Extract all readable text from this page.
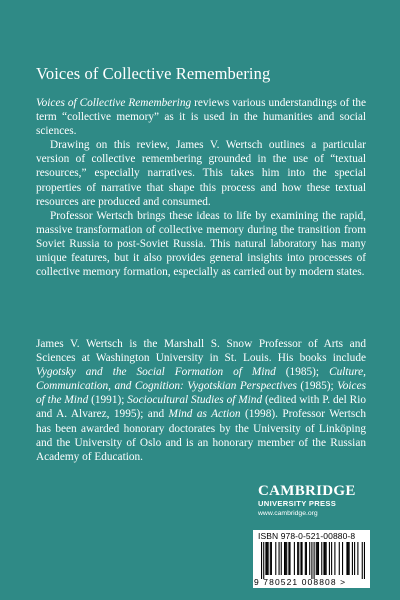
Voices of Collective Remembering

Voices of Collective Remembering reviews various understandings of the term “collective memory” as it is used in the humanities and social sciences.

Drawing on this review, James V. Wertsch outlines a particular version of collective remembering grounded in the use of “textual resources,” especially narratives. This takes him into the special properties of narrative that shape this process and how these textual resources are produced and consumed.

Professor Wertsch brings these ideas to life by examining the rapid, massive transformation of collective memory during the transition from Soviet Russia to post-Soviet Russia. This natural laboratory has many unique features, but it also provides general insights into processes of collective memory formation, especially as carried out by modern states.

James V. Wertsch is the Marshall S. Snow Professor of Arts and Sciences at Washington University in St. Louis. His books include Vygotsky and the Social Formation of Mind (1985); Culture, Communication, and Cognition: Vygotskian Perspectives (1985); Voices of the Mind (1991); Sociocultural Studies of Mind (edited with P. del Rio and A. Alvarez, 1995); and Mind as Action (1998). Professor Wertsch has been awarded honorary doctorates by the University of Linköping and the University of Oslo and is an honorary member of the Russian Academy of Education.

CAMBRIDGE
UNIVERSITY PRESS
www.cambridge.org
ISBN 978-0-521-00880-8
9 780521 008808 >
